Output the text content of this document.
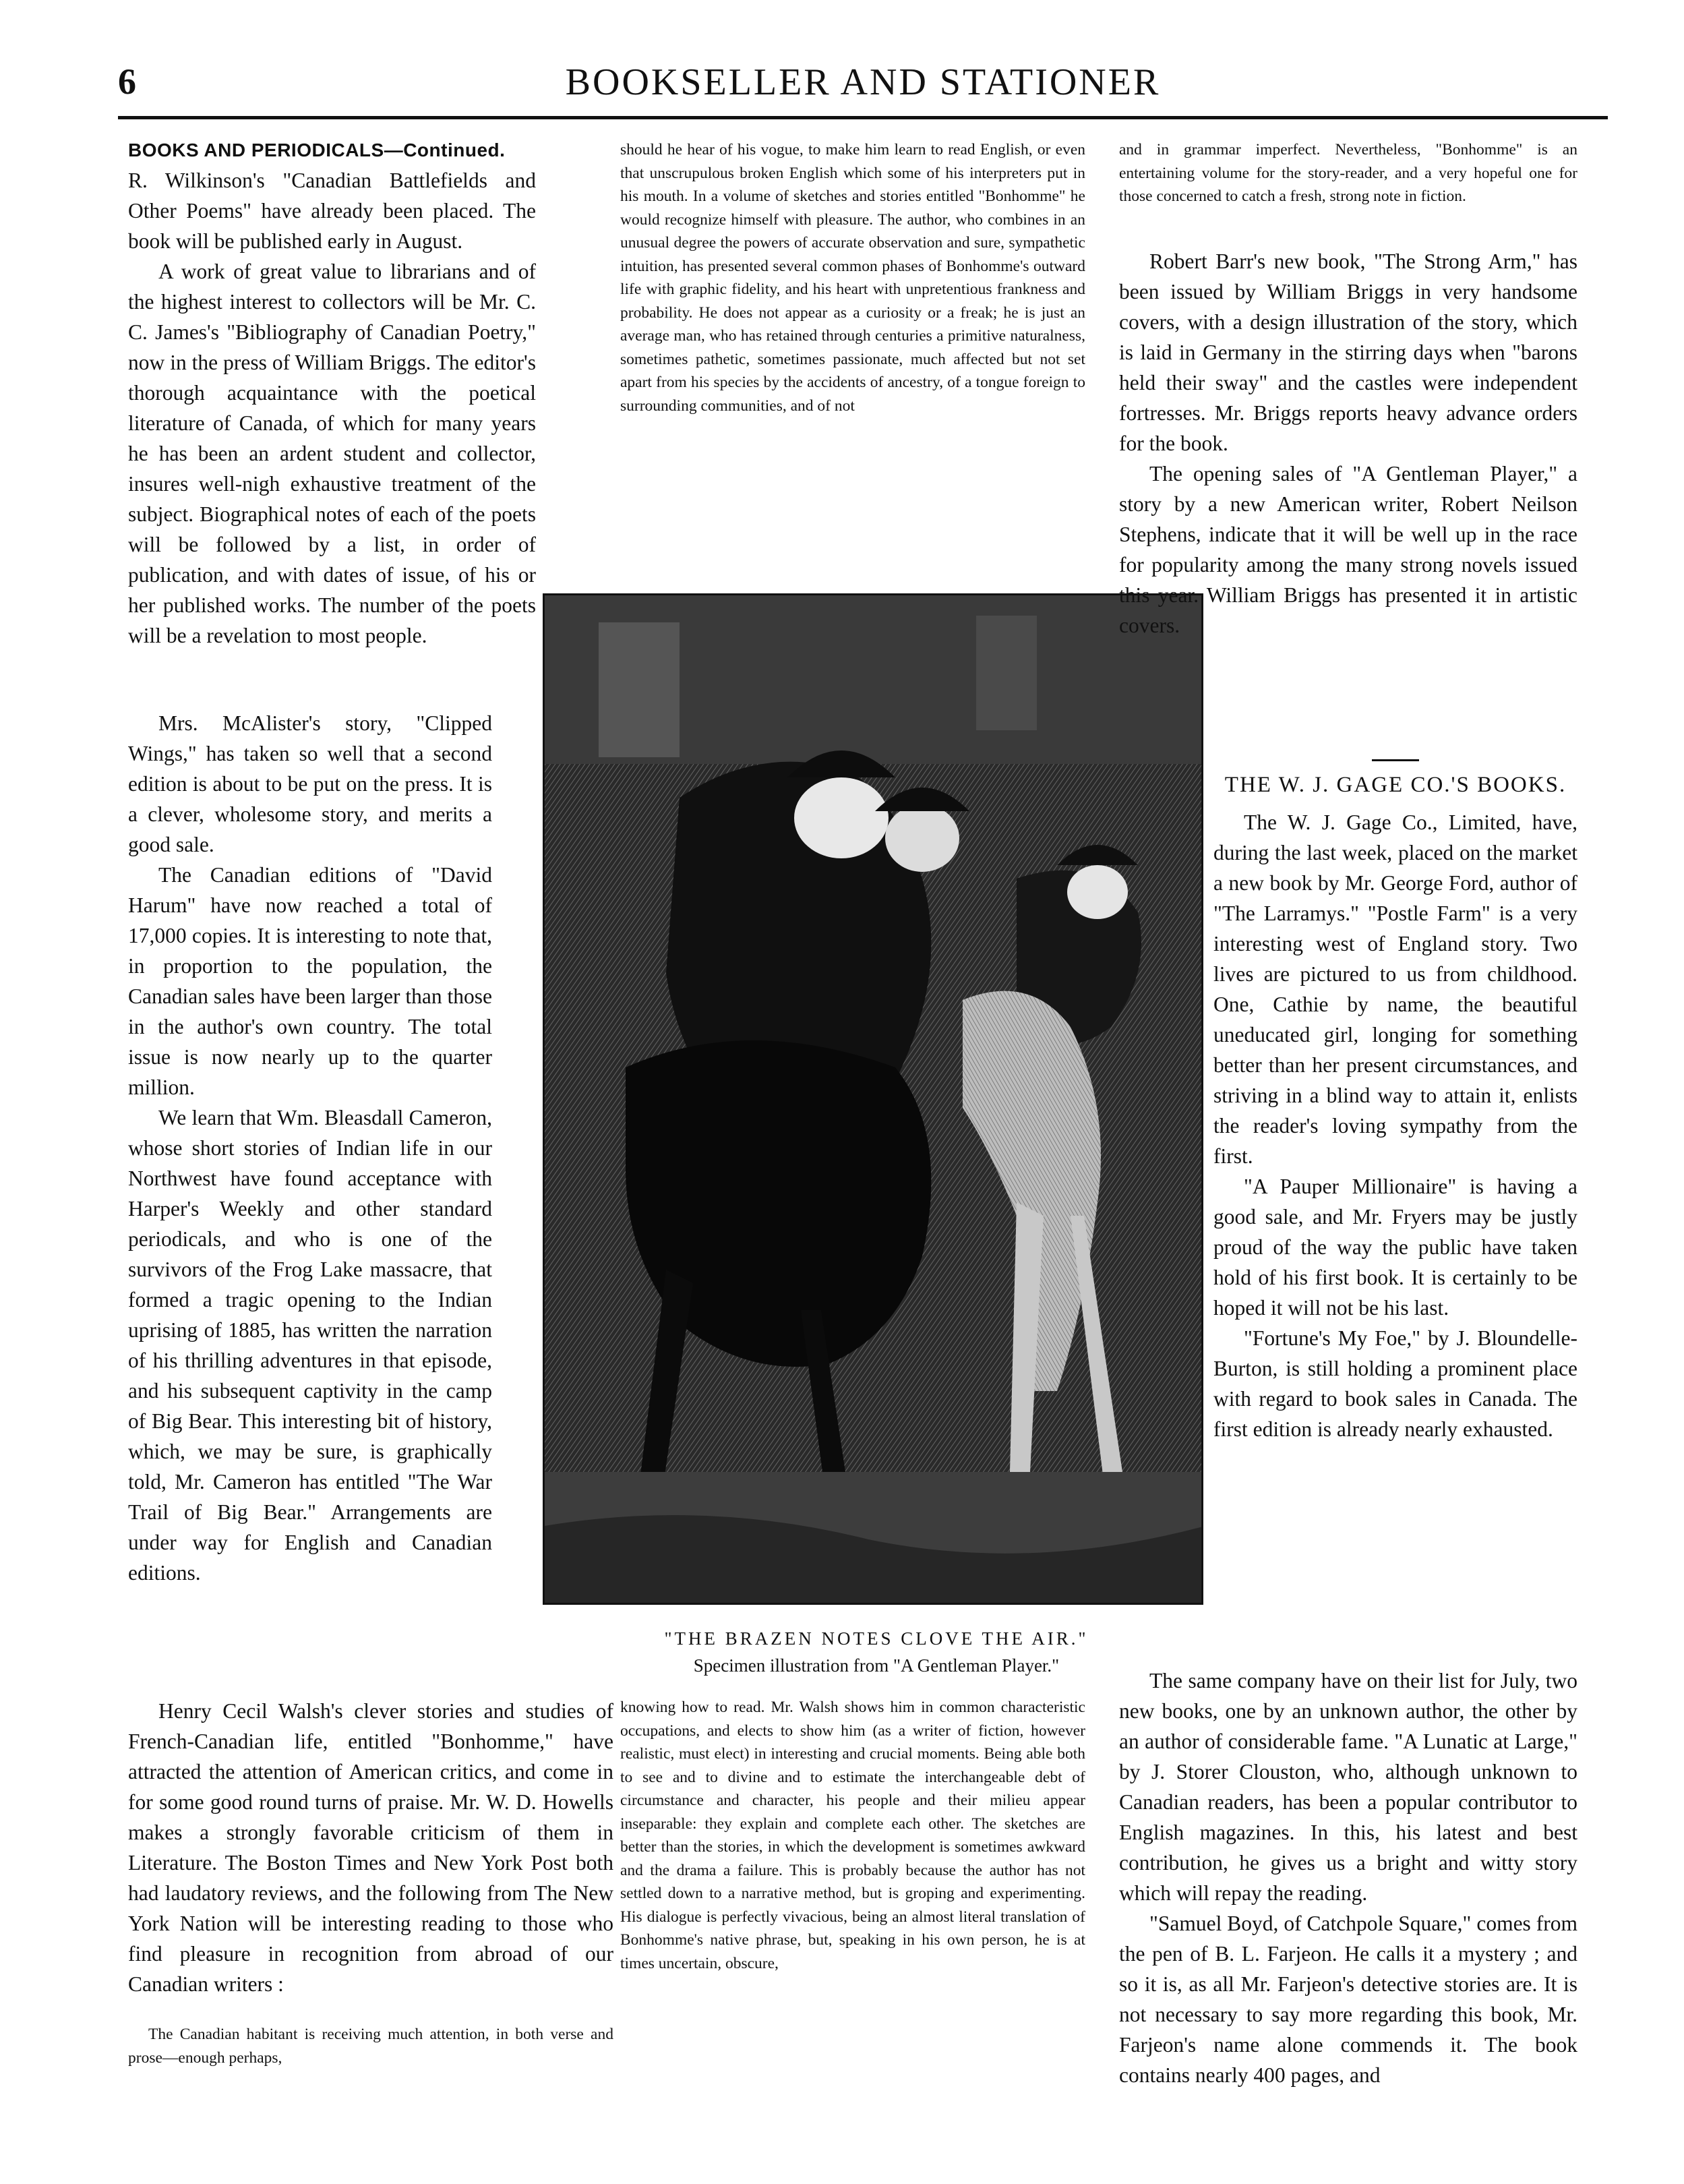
6	BOOKSELLER AND STATIONER

BOOKS AND PERIODICALS—Continued.

R. Wilkinson's "Canadian Battlefields and Other Poems" have already been placed. The book will be published early in August.

A work of great value to librarians and of the highest interest to collectors will be Mr. C. C. James's "Bibliography of Canadian Poetry," now in the press of William Briggs. The editor's thorough acquaintance with the poetical literature of Canada, of which for many years he has been an ardent student and collector, insures well-nigh exhaustive treatment of the subject. Biographical notes of each of the poets will be followed by a list, in order of publication, and with dates of issue, of his or her published works. The number of the poets will be a revelation to most people.

Mrs. McAlister's story, "Clipped Wings," has taken so well that a second edition is about to be put on the press. It is a clever, wholesome story, and merits a good sale.

The Canadian editions of "David Harum" have now reached a total of 17,000 copies. It is interesting to note that, in proportion to the population, the Canadian sales have been larger than those in the author's own country. The total issue is now nearly up to the quarter million.

We learn that Wm. Bleasdall Cameron, whose short stories of Indian life in our Northwest have found acceptance with Harper's Weekly and other standard periodicals, and who is one of the survivors of the Frog Lake massacre, that formed a tragic opening to the Indian uprising of 1885, has written the narration of his thrilling adventures in that episode, and his subsequent captivity in the camp of Big Bear. This interesting bit of history, which, we may be sure, is graphically told, Mr. Cameron has entitled "The War Trail of Big Bear." Arrangements are under way for English and Canadian editions.

Henry Cecil Walsh's clever stories and studies of French-Canadian life, entitled "Bonhomme," have attracted the attention of American critics, and come in for some good round turns of praise. Mr. W. D. Howells makes a strongly favorable criticism of them in Literature. The Boston Times and New York Post both had laudatory reviews, and the following from The New York Nation will be interesting reading to those who find pleasure in recognition from abroad of our Canadian writers :

The Canadian habitant is receiving much attention, in both verse and prose—enough perhaps,

should he hear of his vogue, to make him learn to read English, or even that unscrupulous broken English which some of his interpreters put in his mouth. In a volume of sketches and stories entitled "Bonhomme" he would recognize himself with pleasure. The author, who combines in an unusual degree the powers of accurate observation and sure, sympathetic intuition, has presented several common phases of Bonhomme's outward life with graphic fidelity, and his heart with unpretentious frankness and probability. He does not appear as a curiosity or a freak; he is just an average man, who has retained through centuries a primitive naturalness, sometimes pathetic, sometimes passionate, much affected but not set apart from his species by the accidents of ancestry, of a tongue foreign to surrounding communities, and of not

"THE BRAZEN NOTES CLOVE THE AIR."
Specimen illustration from "A Gentleman Player."

knowing how to read. Mr. Walsh shows him in common characteristic occupations, and elects to show him (as a writer of fiction, however realistic, must elect) in interesting and crucial moments. Being able both to see and to divine and to estimate the interchangeable debt of circumstance and character, his people and their milieu appear inseparable: they explain and complete each other. The sketches are better than the stories, in which the development is sometimes awkward and the drama a failure. This is probably because the author has not settled down to a narrative method, but is groping and experimenting. His dialogue is perfectly vivacious, being an almost literal translation of Bonhomme's native phrase, but, speaking in his own person, he is at times uncertain, obscure,

and in grammar imperfect. Nevertheless, "Bonhomme" is an entertaining volume for the story-reader, and a very hopeful one for those concerned to catch a fresh, strong note in fiction.

Robert Barr's new book, "The Strong Arm," has been issued by William Briggs in very handsome covers, with a design illustration of the story, which is laid in Germany in the stirring days when "barons held their sway" and the castles were independent fortresses. Mr. Briggs reports heavy advance orders for the book.

The opening sales of "A Gentleman Player," a story by a new American writer, Robert Neilson Stephens, indicate that it will be well up in the race for popularity among the many strong novels issued this year. William Briggs has presented it in artistic covers.

THE W. J. GAGE CO.'S BOOKS.

The W. J. Gage Co., Limited, have, during the last week, placed on the market a new book by Mr. George Ford, author of "The Larramys." "Postle Farm" is a very interesting west of England story. Two lives are pictured to us from childhood. One, Cathie by name, the beautiful uneducated girl, longing for something better than her present circumstances, and striving in a blind way to attain it, enlists the reader's loving sympathy from the first.

"A Pauper Millionaire" is having a good sale, and Mr. Fryers may be justly proud of the way the public have taken hold of his first book. It is certainly to be hoped it will not be his last.

"Fortune's My Foe," by J. Bloundelle-Burton, is still holding a prominent place with regard to book sales in Canada. The first edition is already nearly exhausted.

The same company have on their list for July, two new books, one by an unknown author, the other by an author of considerable fame. "A Lunatic at Large," by J. Storer Clouston, who, although unknown to Canadian readers, has been a popular contributor to English magazines. In this, his latest and best contribution, he gives us a bright and witty story which will repay the reading.

"Samuel Boyd, of Catchpole Square," comes from the pen of B. L. Farjeon. He calls it a mystery ; and so it is, as all Mr. Farjeon's detective stories are. It is not necessary to say more regarding this book, Mr. Farjeon's name alone commends it. The book contains nearly 400 pages, and
